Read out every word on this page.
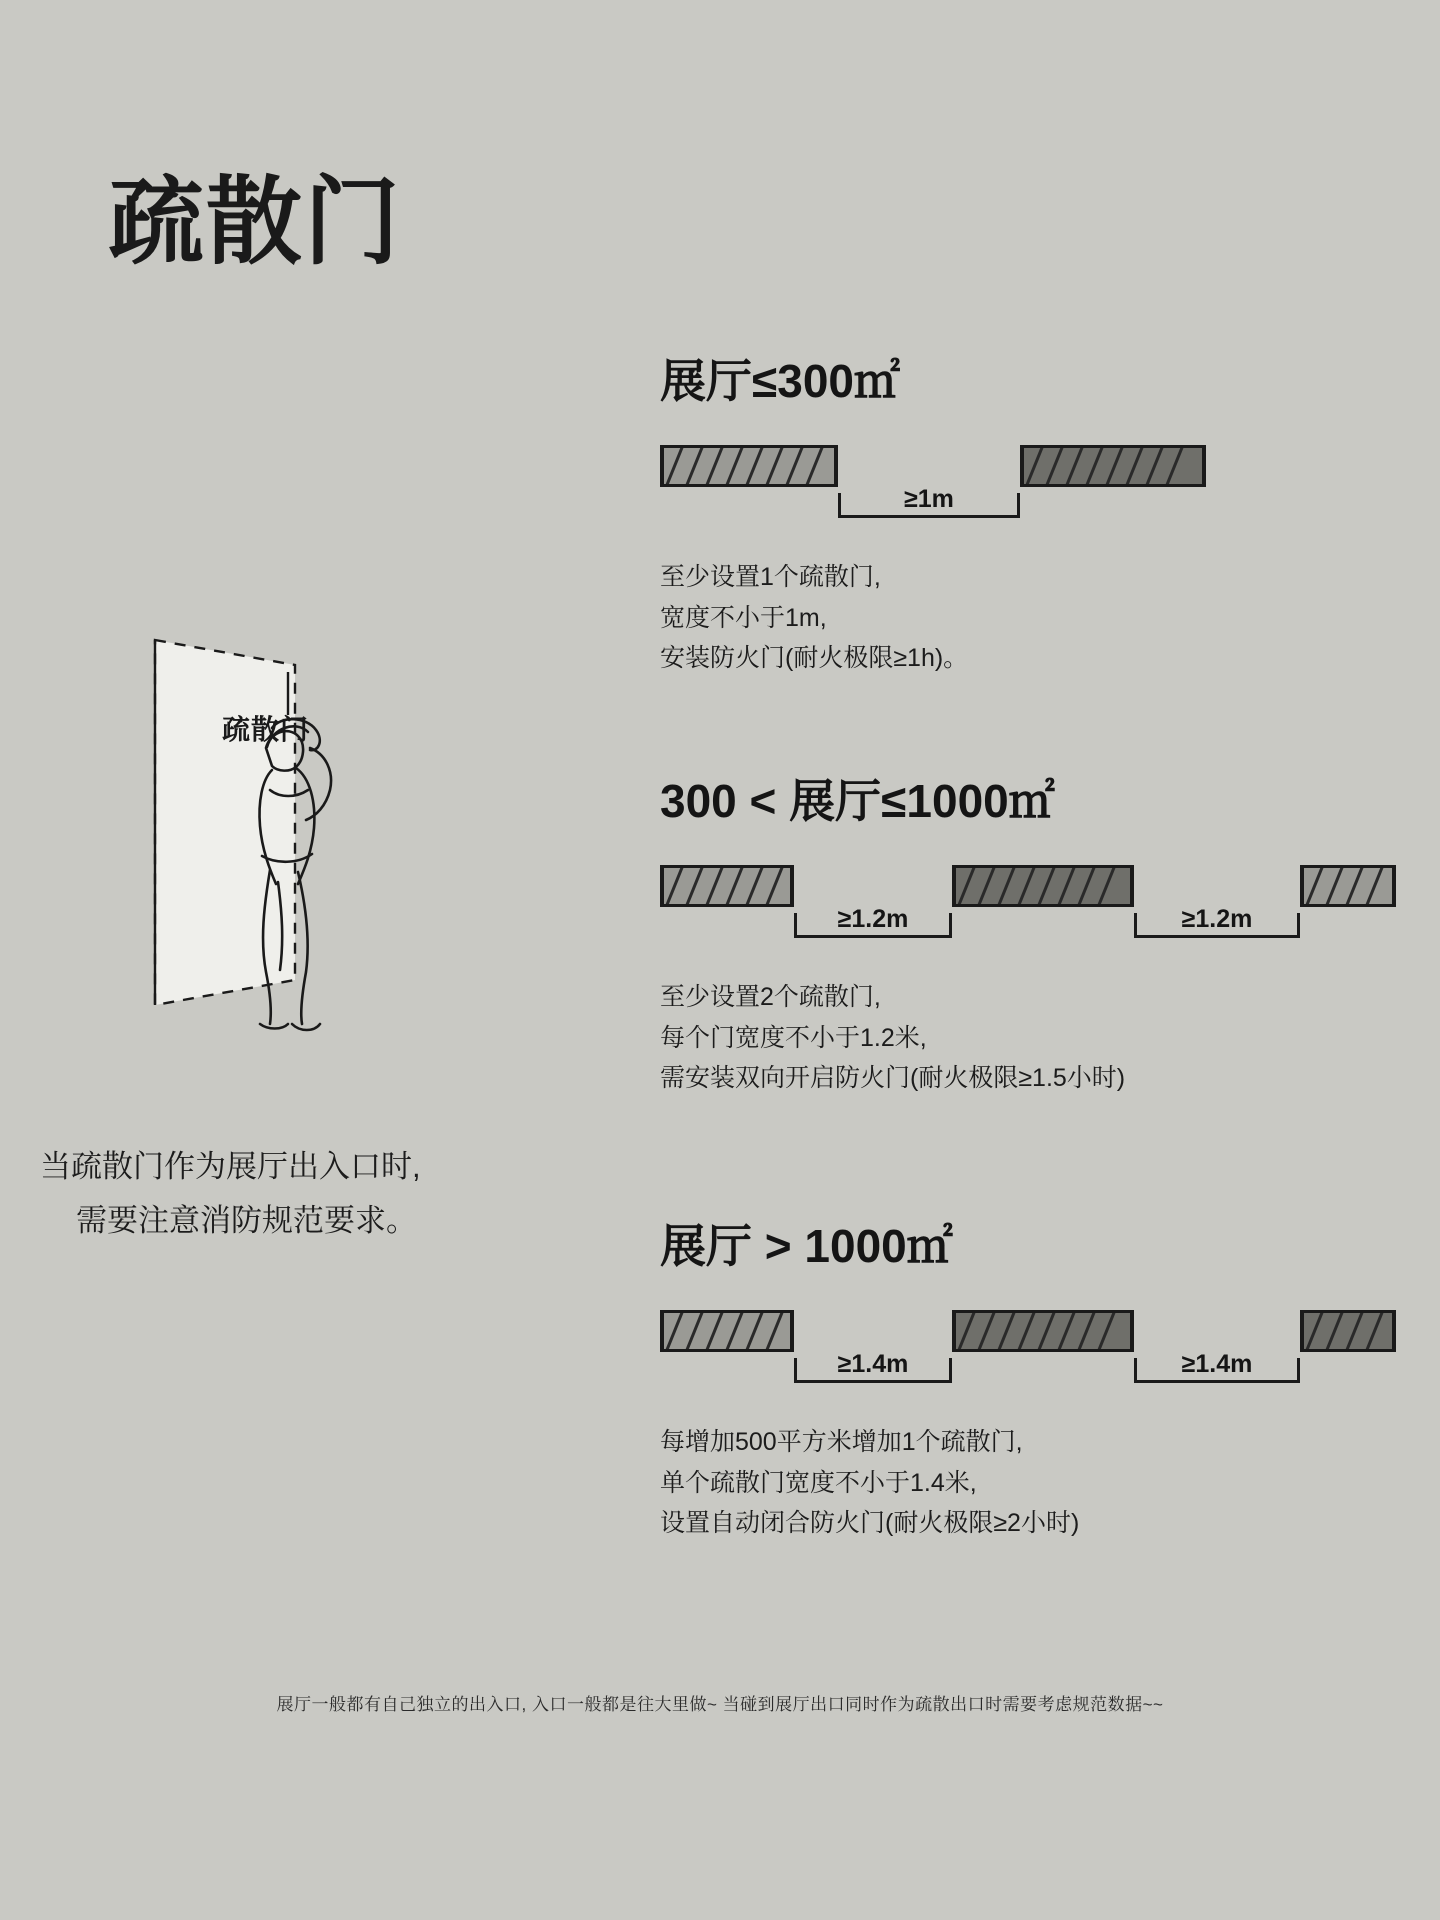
疏散门
疏散门
当疏散门作为展厅出入口时,
需要注意消防规范要求。
展厅≤300㎡
≥1m
至少设置1个疏散门,
宽度不小于1m,
安装防火门(耐火极限≥1h)。
300 < 展厅≤1000㎡
≥1.2m	≥1.2m
至少设置2个疏散门,
每个门宽度不小于1.2米,
需安装双向开启防火门(耐火极限≥1.5小时)
展厅 > 1000㎡
≥1.4m	≥1.4m
每增加500平方米增加1个疏散门,
单个疏散门宽度不小于1.4米,
设置自动闭合防火门(耐火极限≥2小时)
展厅一般都有自己独立的出入口, 入口一般都是往大里做~ 当碰到展厅出口同时作为疏散出口时需要考虑规范数据~~
